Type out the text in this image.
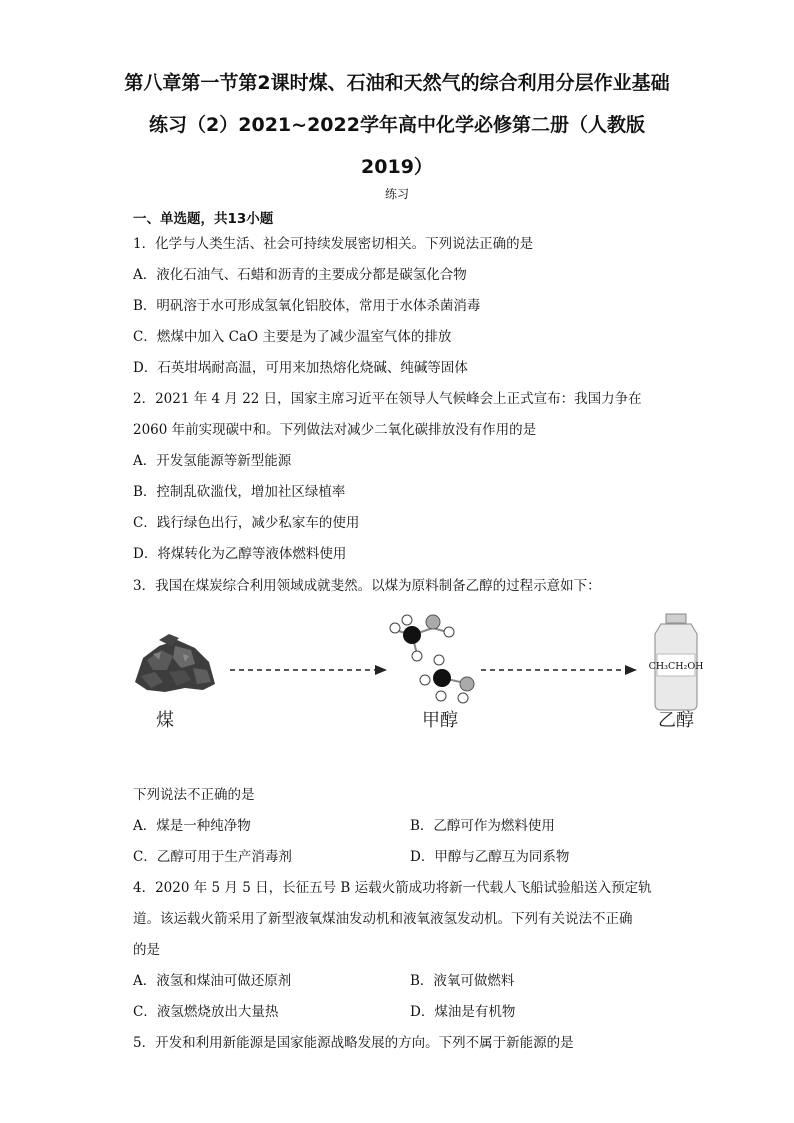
第八章第一节第2课时煤、石油和天然气的综合利用分层作业基础练习（2）2021~2022学年高中化学必修第二册（人教版2019）
练习
一、单选题，共13小题
1．化学与人类生活、社会可持续发展密切相关。下列说法正确的是
A．液化石油气、石蜡和沥青的主要成分都是碳氢化合物
B．明矾溶于水可形成氢氧化铝胶体，常用于水体杀菌消毒
C．燃煤中加入 CaO 主要是为了减少温室气体的排放
D．石英坩埚耐高温，可用来加热熔化烧碱、纯碱等固体
2．2021 年 4 月 22 日，国家主席习近平在领导人气候峰会上正式宣布：我国力争在
2060 年前实现碳中和。下列做法对减少二氧化碳排放没有作用的是
A．开发氢能源等新型能源
B．控制乱砍滥伐，增加社区绿植率
C．践行绿色出行，减少私家车的使用
D．将煤转化为乙醇等液体燃料使用
3．我国在煤炭综合利用领域成就斐然。以煤为原料制备乙醇的过程示意如下：
煤	甲醇
CH₃CH₂OH
乙醇
下列说法不正确的是
A．煤是一种纯净物	B．乙醇可作为燃料使用
C．乙醇可用于生产消毒剂	D．甲醇与乙醇互为同系物
4．2020 年 5 月 5 日，长征五号 B 运载火箭成功将新一代载人飞船试验船送入预定轨
道。该运载火箭采用了新型液氧煤油发动机和液氧液氢发动机。下列有关说法不正确
的是
A．液氢和煤油可做还原剂	B．液氧可做燃料
C．液氢燃烧放出大量热	D．煤油是有机物
5．开发和利用新能源是国家能源战略发展的方向。下列不属于新能源的是
